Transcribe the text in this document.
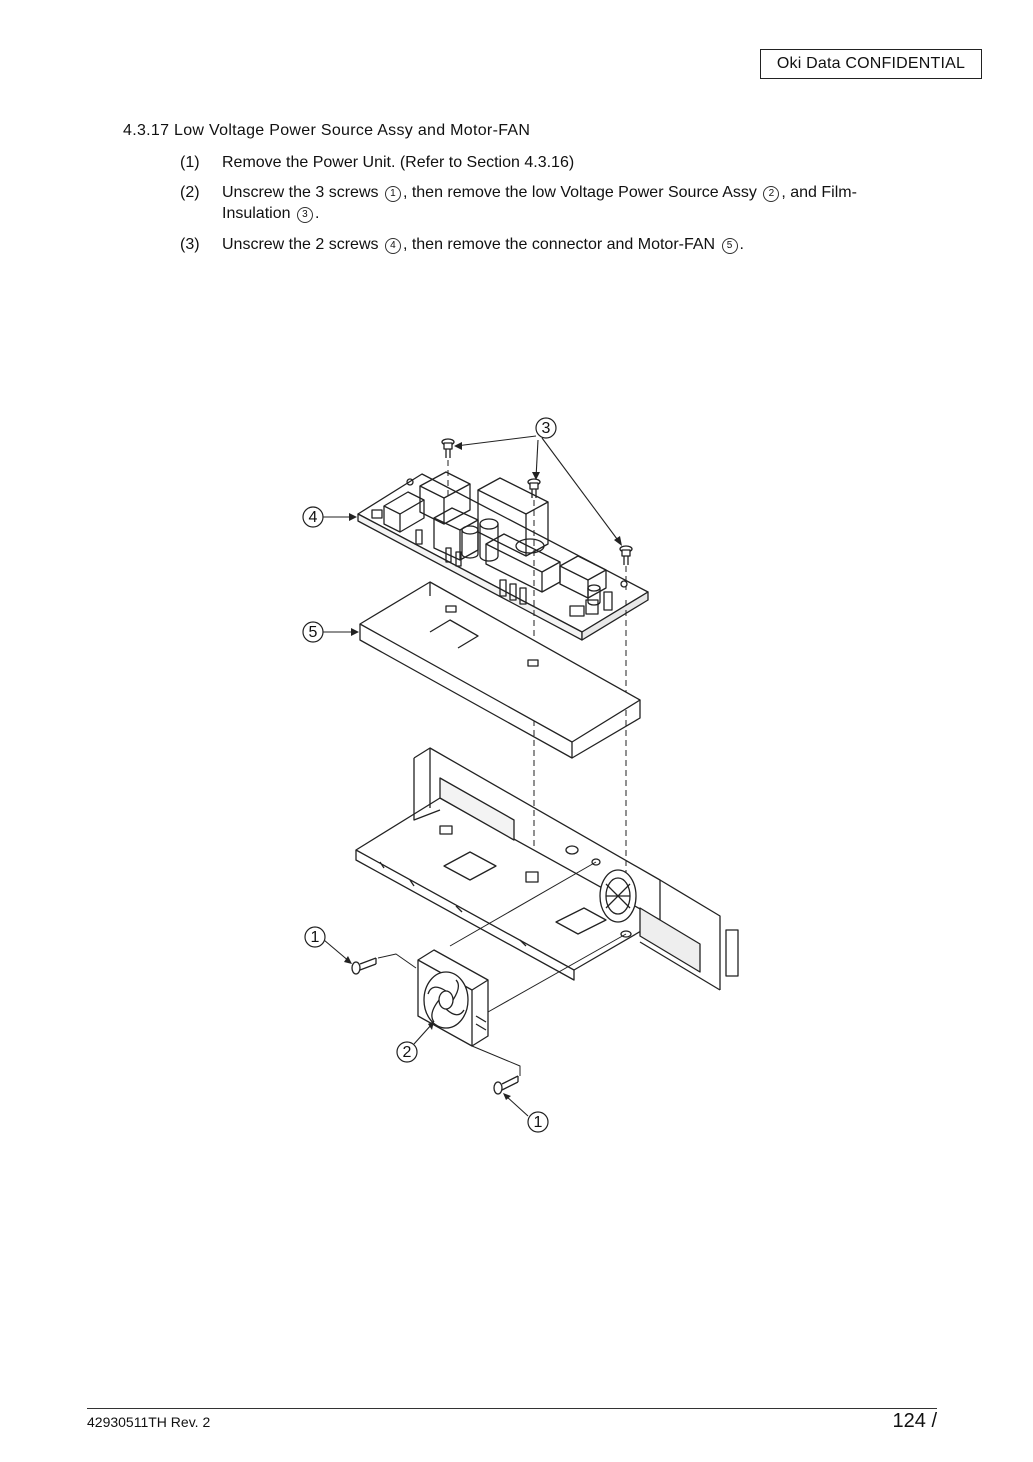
Oki Data CONFIDENTIAL
4.3.17 Low Voltage Power Source Assy and Motor-FAN
(1) Remove the Power Unit. (Refer to Section 4.3.16)
(2) Unscrew the 3 screws 1 , then remove the low Voltage Power Source Assy 2 , and Film-Insulation 3 .
(3) Unscrew the 2 screws 4 , then remove the connector and Motor-FAN 5 .
3
4
5
1
2
1
42930511TH Rev. 2	124 /
